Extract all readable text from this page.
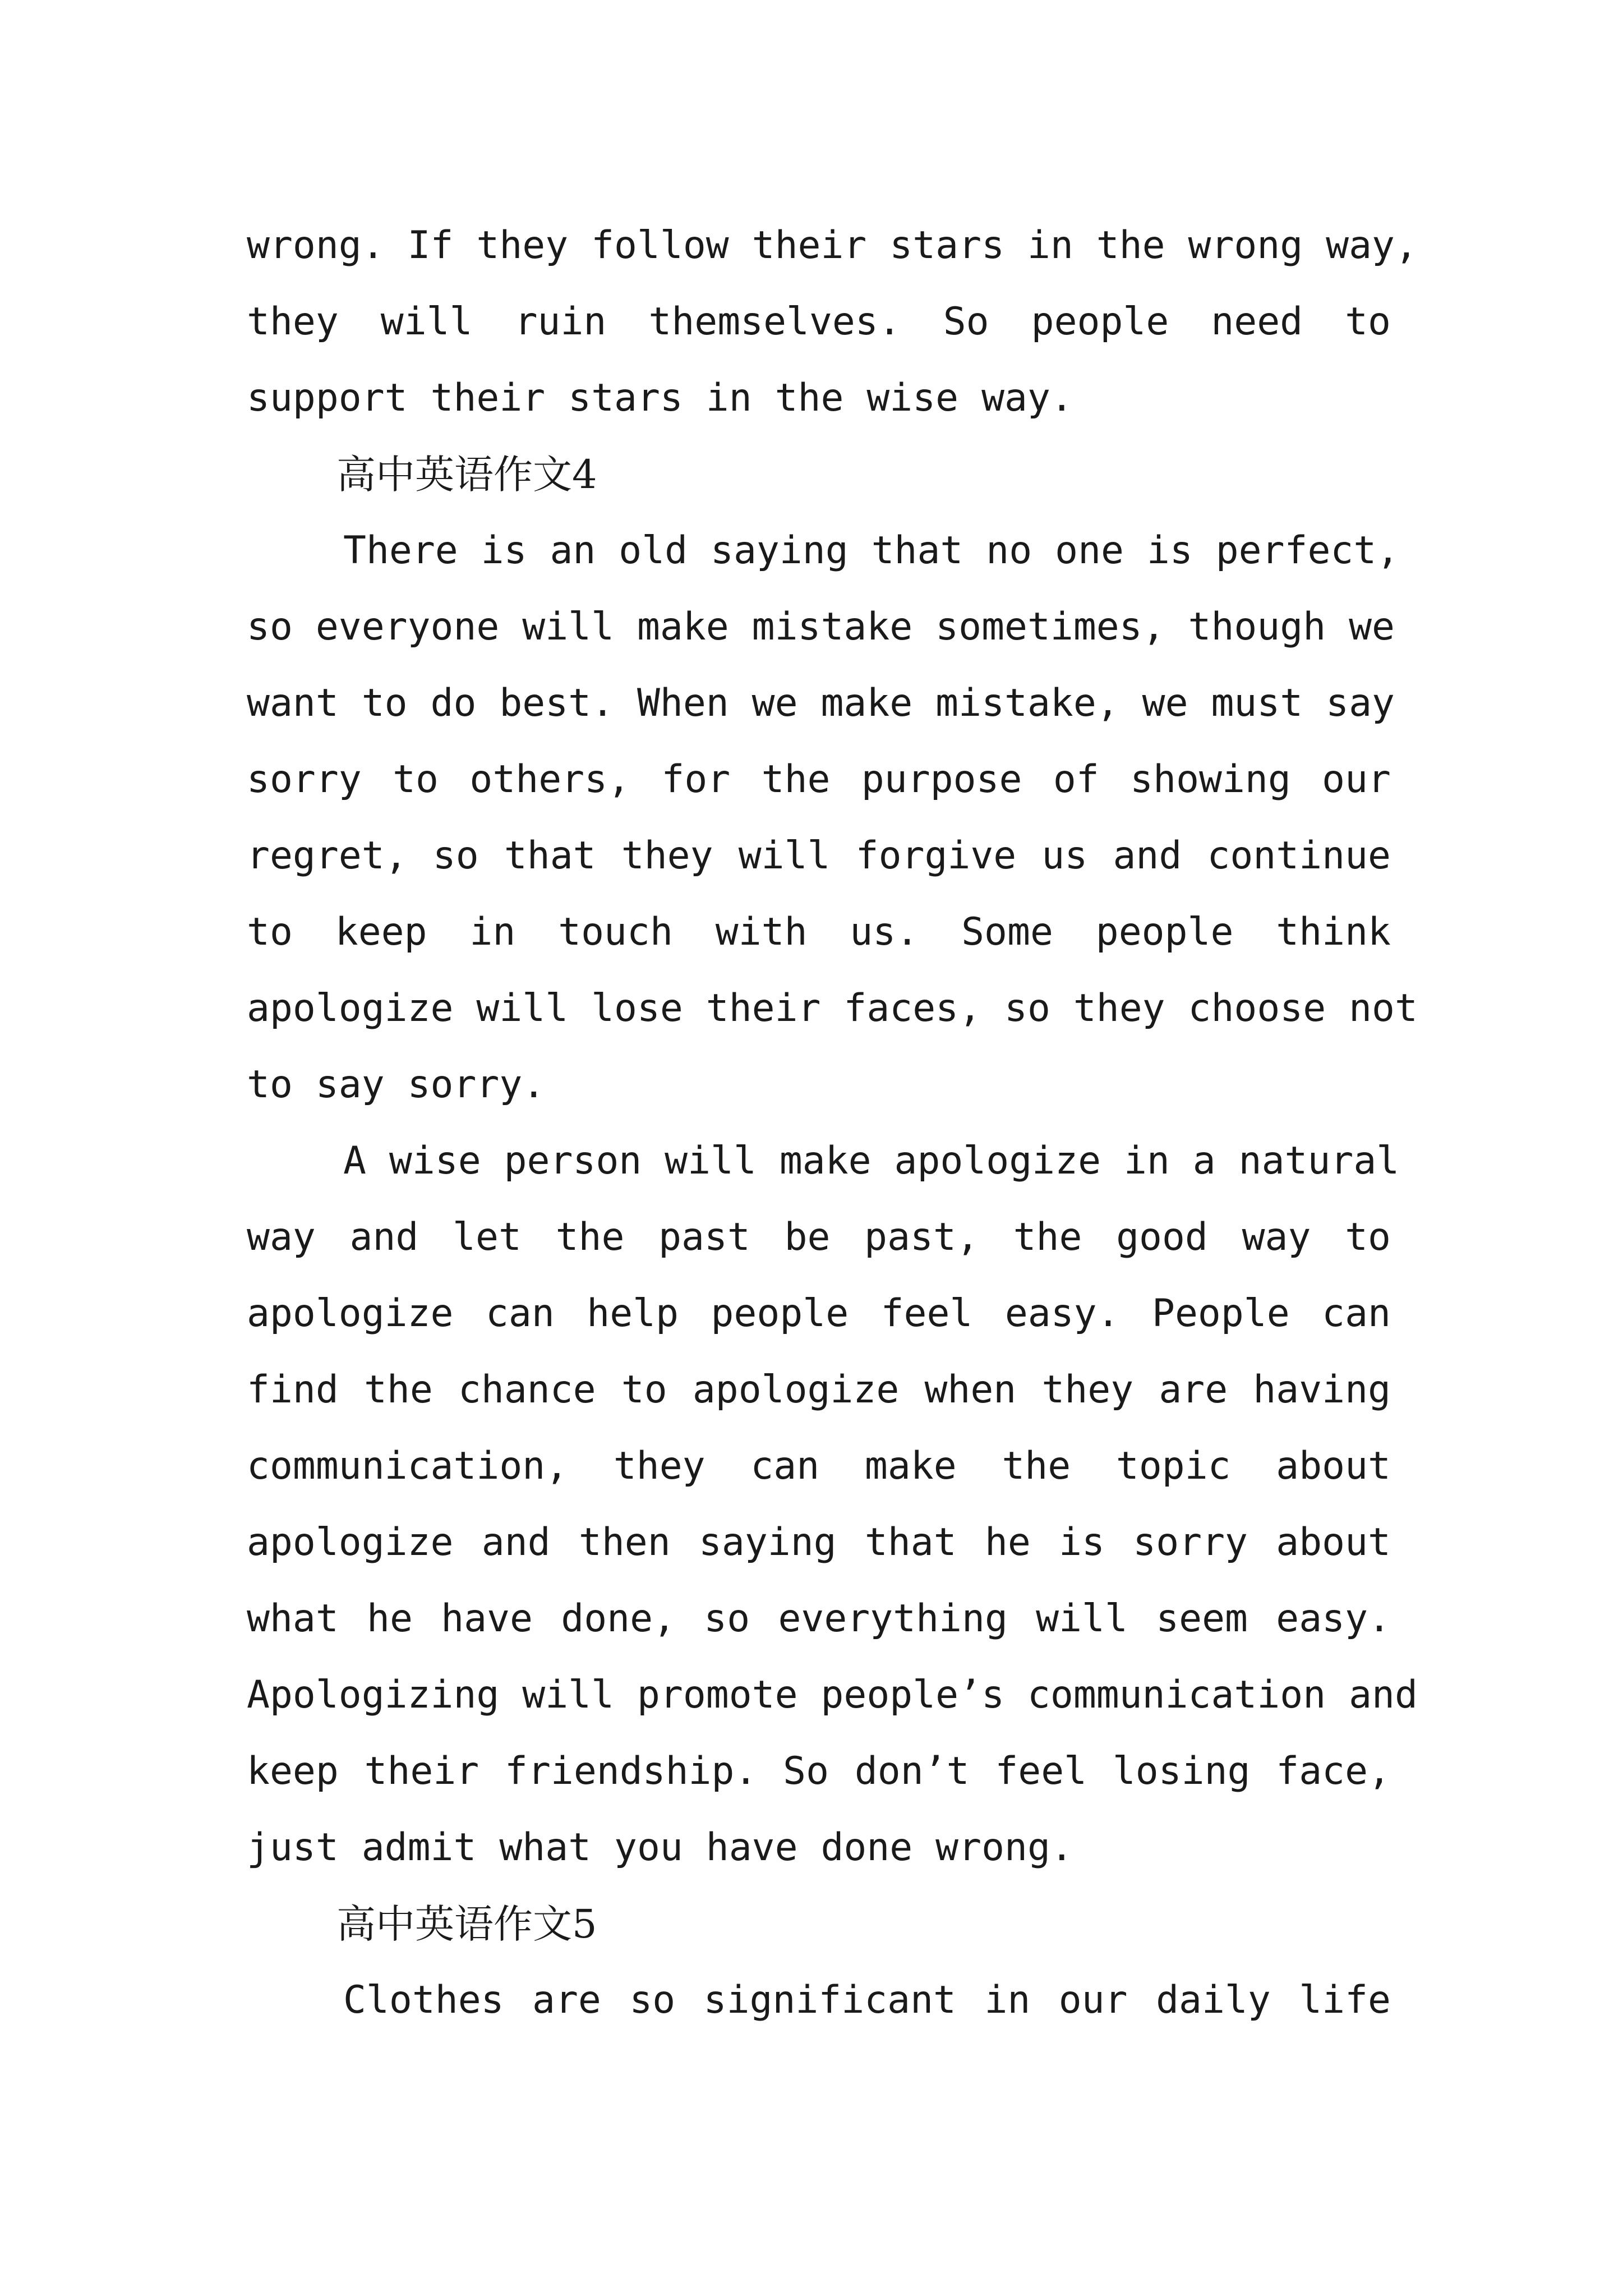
wrong. If they follow their stars in the wrong way,
they will ruin themselves. So people need to
support their stars in the wise way.
高中英语作文4
There is an old saying that no one is perfect,
so everyone will make mistake sometimes, though we
want to do best. When we make mistake, we must say
sorry to others, for the purpose of showing our
regret, so that they will forgive us and continue
to keep in touch with us. Some people think
apologize will lose their faces, so they choose not
to say sorry.
A wise person will make apologize in a natural
way and let the past be past, the good way to
apologize can help people feel easy. People can
find the chance to apologize when they are having
communication, they can make the topic about
apologize and then saying that he is sorry about
what he have done, so everything will seem easy.
Apologizing will promote people’s communication and
keep their friendship. So don’t feel losing face,
just admit what you have done wrong.
高中英语作文5
Clothes are so significant in our daily life
